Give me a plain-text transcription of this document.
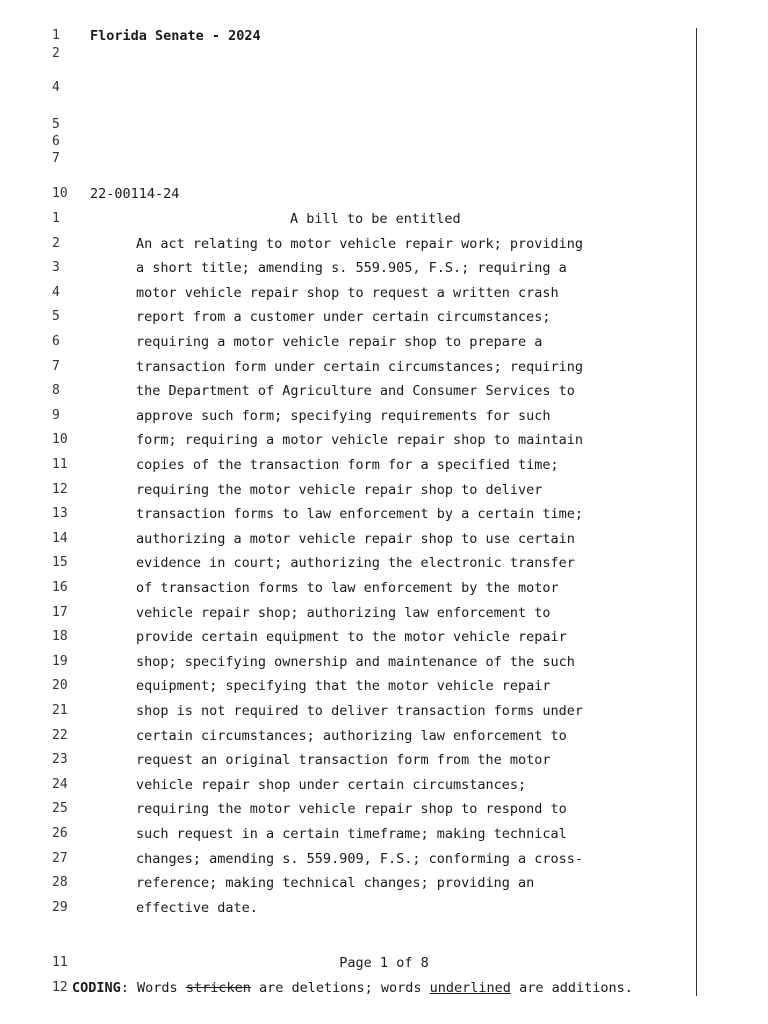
1
2
4
5
6
7
10
Florida Senate - 2024
22-00114-24
A bill to be entitled
1
2
3
4
5
6
7
8
9
10
11
12
13
14
15
16
17
18
19
20
21
22
23
24
25
26
27
28
29
An act relating to motor vehicle repair work; providing
a short title; amending s. 559.905, F.S.; requiring a
motor vehicle repair shop to request a written crash
report from a customer under certain circumstances;
requiring a motor vehicle repair shop to prepare a
transaction form under certain circumstances; requiring
the Department of Agriculture and Consumer Services to
approve such form; specifying requirements for such
form; requiring a motor vehicle repair shop to maintain
copies of the transaction form for a specified time;
requiring the motor vehicle repair shop to deliver
transaction forms to law enforcement by a certain time;
authorizing a motor vehicle repair shop to use certain
evidence in court; authorizing the electronic transfer
of transaction forms to law enforcement by the motor
vehicle repair shop; authorizing law enforcement to
provide certain equipment to the motor vehicle repair
shop; specifying ownership and maintenance of the such
equipment; specifying that the motor vehicle repair
shop is not required to deliver transaction forms under
certain circumstances; authorizing law enforcement to
request an original transaction form from the motor
vehicle repair shop under certain circumstances;
requiring the motor vehicle repair shop to respond to
such request in a certain timeframe; making technical
changes; amending s. 559.909, F.S.; conforming a cross-
reference; making technical changes; providing an
effective date.
11	Page 1 of 8
12 CODING: Words stricken are deletions; words underlined are additions.
